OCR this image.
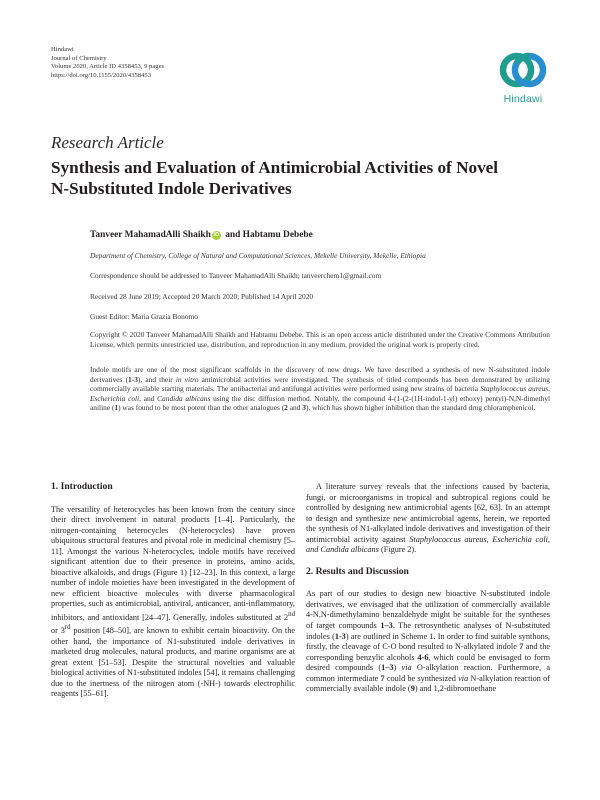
Hindawi
Journal of Chemistry
Volume 2020, Article ID 4358453, 9 pages
https://doi.org/10.1155/2020/4358453
Hindawi
Research Article
Synthesis and Evaluation of Antimicrobial Activities of Novel
N-Substituted Indole Derivatives
Tanveer MahamadAlli Shaikh iD and Habtamu Debebe
Department of Chemistry, College of Natural and Computational Sciences, Mekelle University, Mekelle, Ethiopia
Correspondence should be addressed to Tanveer MahamadAlli Shaikh; tanveerchem1@gmail.com
Received 28 June 2019; Accepted 20 March 2020; Published 14 April 2020
Guest Editor: Maria Grazia Bonomo
Copyright © 2020 Tanveer MahamadAlli Shaikh and Habtamu Debebe. This is an open access article distributed under the Creative Commons Attribution License, which permits unrestricted use, distribution, and reproduction in any medium, provided the original work is properly cited.
Indole motifs are one of the most significant scaffolds in the discovery of new drugs. We have described a synthesis of new N-substituted indole derivatives (1-3), and their in vitro antimicrobial activities were investigated. The synthesis of titled compounds has been demonstrated by utilizing commercially available starting materials. The antibacterial and antifungal activities were performed using new strains of bacteria Staphylococcus aureus, Escherichia coli, and Candida albicans using the disc diffusion method. Notably, the compound 4-(1-(2-(1H-indol-1-yl) ethoxy) pentyl)-N,N-dimethyl aniline (1) was found to be most potent than the other analogues (2 and 3), which has shown higher inhibition than the standard drug chloramphenicol.
1. Introduction
The versatility of heterocycles has been known from the century since their direct involvement in natural products [1–4]. Particularly, the nitrogen-containing heterocycles (N-heterocycles) have proven ubiquitous structural features and pivotal role in medicinal chemistry [5–11]. Amongst the various N-heterocycles, indole motifs have received significant attention due to their presence in proteins, amino acids, bioactive alkaloids, and drugs (Figure 1) [12–23]. In this context, a large number of indole moieties have been investigated in the development of new efficient bioactive molecules with diverse pharmacological properties, such as antimicrobial, antiviral, anticancer, anti-inflammatory, inhibitors, and antioxidant [24–47]. Generally, indoles substituted at 2nd or 3rd position [48–50], are known to exhibit certain bioactivity. On the other hand, the importance of N1-substituted indole derivatives in marketed drug molecules, natural products, and marine organisms are at great extent [51–53]. Despite the structural novelties and valuable biological activities of N1-substituted indoles [54], it remains challenging due to the inertness of the nitrogen atom (-NH-) towards electrophilic reagents [55–61].
A literature survey reveals that the infections caused by bacteria, fungi, or microorganisms in tropical and subtropical regions could be controlled by designing new antimicrobial agents [62, 63]. In an attempt to design and synthesize new antimicrobial agents, herein, we reported the synthesis of N1-alkylated indole derivatives and investigation of their antimicrobial activity against Staphylococcus aureus, Escherichia coli, and Candida albicans (Figure 2).
2. Results and Discussion
As part of our studies to design new bioactive N-substituted indole derivatives, we envisaged that the utilization of commercially available 4-N,N-dimethylamino benzaldehyde might be suitable for the syntheses of target compounds 1–3. The retrosynthetic analyses of N-substituted indoles (1-3) are outlined in Scheme 1. In order to find suitable synthons, firstly, the cleavage of C-O bond resulted to N-alkylated indole 7 and the corresponding benzylic alcohols 4-6, which could be envisaged to form desired compounds (1–3) via O-alkylation reaction. Furthermore, a common intermediate 7 could be synthesized via N-alkylation reaction of commercially available indole (9) and 1,2-dibromoethane
